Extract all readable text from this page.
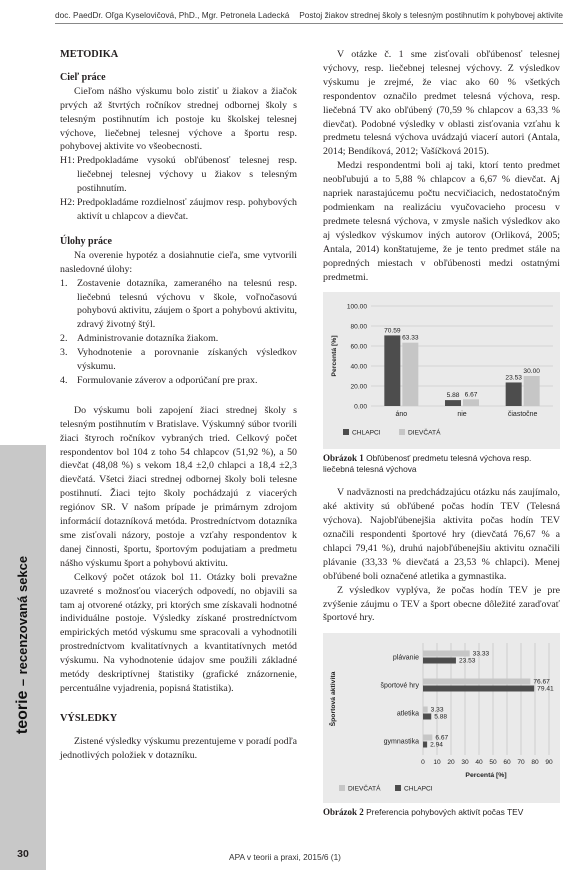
doc. PaedDr. Oľga Kyselovičová, PhD., Mgr. Petronela Ladecká Postoj žiakov strednej školy s telesným postihnutím k pohybovej aktivite
teorie – recenzovaná sekce
30
METODIKA
Cieľ práce

Cieľom nášho výskumu bolo zistiť u žiakov a žiačok prvých až štvrtých ročníkov strednej odbornej školy s telesným postihnutím ich postoje ku školskej telesnej výchove, liečebnej telesnej výchove a športu resp. pohybovej aktivite vo všeobecnosti.

H1: Predpokladáme vysokú obľúbenosť telesnej resp. liečebnej telesnej výchovy u žiakov s telesným postihnutím.
H2: Predpokladáme rozdielnosť záujmov resp. pohybových aktivít u chlapcov a dievčat.
Úlohy práce

Na overenie hypotéz a dosiahnutie cieľa, sme vytvorili nasledovné úlohy:

1. Zostavenie dotazníka, zameraného na telesnú resp. liečebnú telesnú výchovu v škole, voľnočasovú pohybovú aktivitu, záujem o šport a pohybovú aktivitu, zdravý životný štýl.
2. Administrovanie dotazníka žiakom.
3. Vyhodnotenie a porovnanie získaných výsledkov výskumu.
4. Formulovanie záverov a odporúčaní pre prax.

Do výskumu boli zapojení žiaci strednej školy s telesným postihnutím v Bratislave. Výskumný súbor tvorili žiaci štyroch ročníkov vybraných tried. Celkový počet respondentov bol 104 z toho 54 chlapcov (51,92 %), a 50 dievčat (48,08 %) s vekom 18,4 ±2,0 chlapci a 18,4 ±2,3 dievčatá. Všetci žiaci strednej odbornej školy boli telesne postihnutí. Žiaci tejto školy pochádzajú z viacerých regiónov SR. V našom prípade je primárnym zdrojom informácií dotazníková metóda. Prostredníctvom dotazníka sme zisťovali názory, postoje a vzťahy respondentov k danej činnosti, športu, športovým podujatiam a predmetu nášho výskumu šport a pohybovú aktivitu.

Celkový počet otázok bol 11. Otázky boli prevažne uzavreté s možnosťou viacerých odpovedí, no objavili sa tam aj otvorené otázky, pri ktorých sme získavali hodnotné individuálne postoje. Výsledky získané prostredníctvom empirických metód výskumu sme spracovali a vyhodnotili prostredníctvom kvalitatívnych a kvantitatívnych metód výskumu. Na vyhodnotenie údajov sme použili základné metódy deskriptívnej štatistiky (grafické znázornenie, percentuálne vyjadrenia, popisná štatistika).

VÝSLEDKY

Zistené výsledky výskumu prezentujeme v poradí podľa jednotlivých položiek v dotazníku.

V otázke č. 1 sme zisťovali obľúbenosť telesnej výchovy, resp. liečebnej telesnej výchovy. Z výsledkov výskumu je zrejmé, že viac ako 60 % všetkých respondentov označilo predmet telesná výchova, resp. liečebná TV ako obľúbený (70,59 % chlapcov a 63,33 % dievčat). Podobné výsledky v oblasti zisťovania vzťahu k predmetu telesná výchova uvádzajú viacerí autori (Antala, 2014; Bendíková, 2012; Vašíčková 2015).

Medzi respondentmi boli aj taki, ktorí tento predmet neobľubujú a to 5,88 % chlapcov a 6,67 % dievčat. Aj napriek narastajúcemu počtu necvičiacich, nedostatočným podmienkam na realizáciu vyučovacieho procesu v predmete telesná výchova, v zmysle našich výsledkov ako aj výsledkov výskumov iných autorov (Orliková, 2005; Antala, 2014) konštatujeme, že je tento predmet stále na popredných miestach v obľúbenosti medzi ostatnými predmetmi.

0.00
20.00
40.00
60.00
80.00
100.00
Percentá [%]
70.59
63.33
áno
5.88 6.67
nie
23.53
30.00
čiastočne
CHLAPCI	DIEVČATÁ
Obrázok 1 Obľúbenosť predmetu telesná výchova resp. liečebná telesná výchova

V nadväznosti na predchádzajúcu otázku nás zaujímalo, aké aktivity sú obľúbené počas hodín TEV (Telesná výchova). Najobľúbenejšia aktivita počas hodín TEV označili respondenti športové hry (dievčatá 76,67 % a chlapci 79,41 %), druhú najobľúbenejšiu aktivitu označili plávanie (33,33 % dievčatá a 23,53 % chlapci). Menej obľúbené boli označené atletika a gymnastika.

Z výsledkov vyplýva, že počas hodín TEV je pre zvýšenie záujmu o TEV a šport obecne dôležité zaraďovať športové hry.

0 10 20 30 40 50 60 70 80 90
Percentá [%]
Športová aktivita
plávanie
33.33
23.53
športové hry
76.67
79.41
atletika
3.33
5.88
gymnastika
6.67
2.94
DIEVČATÁ	CHLAPCI
Obrázok 2 Preferencia pohybových aktivít počas TEV
APA v teorii a praxi, 2015/6 (1)
